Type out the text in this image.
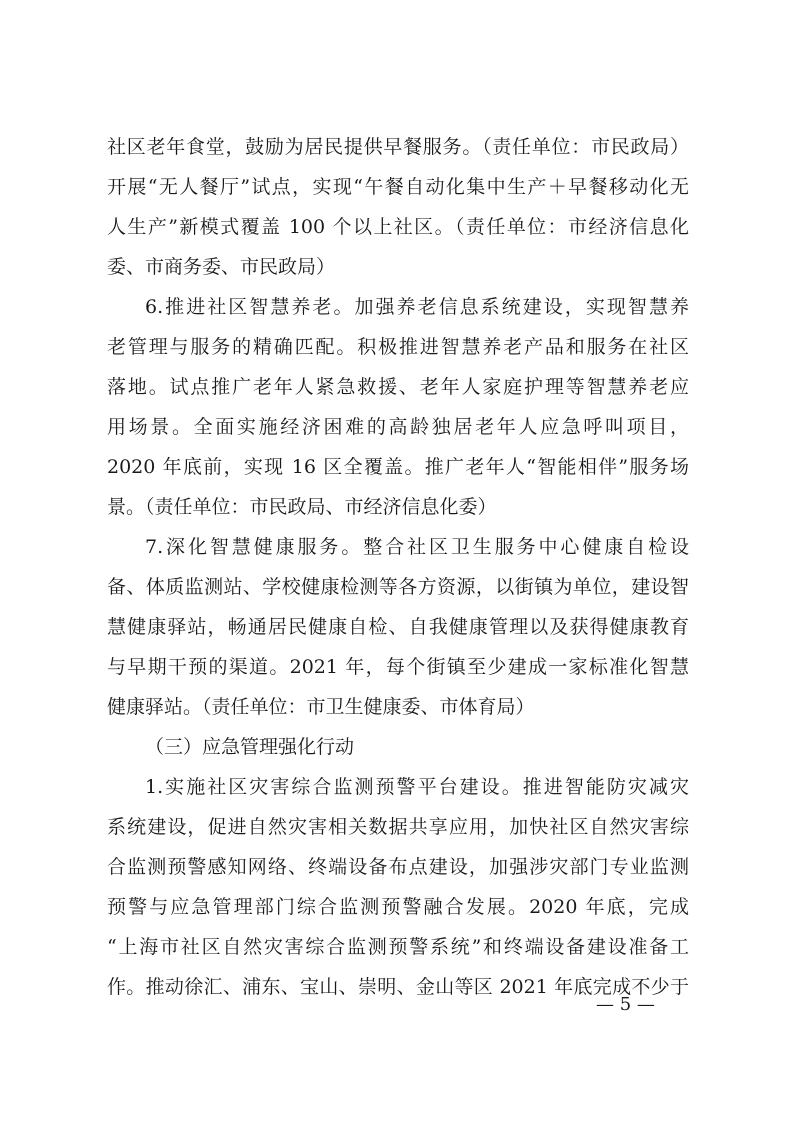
社区老年食堂，鼓励为居民提供早餐服务。（责任单位：市民政局）
开展“无人餐厅”试点，实现“午餐自动化集中生产＋早餐移动化无
人生产”新模式覆盖 100 个以上社区。（责任单位：市经济信息化
委、市商务委、市民政局）
6.推进社区智慧养老。加强养老信息系统建设，实现智慧养
老管理与服务的精确匹配。积极推进智慧养老产品和服务在社区
落地。试点推广老年人紧急救援、老年人家庭护理等智慧养老应
用场景。全面实施经济困难的高龄独居老年人应急呼叫项目，
2020 年底前，实现 16 区全覆盖。推广老年人“智能相伴”服务场
景。（责任单位：市民政局、市经济信息化委）
7.深化智慧健康服务。整合社区卫生服务中心健康自检设
备、体质监测站、学校健康检测等各方资源，以街镇为单位，建设智
慧健康驿站，畅通居民健康自检、自我健康管理以及获得健康教育
与早期干预的渠道。2021 年，每个街镇至少建成一家标准化智慧
健康驿站。（责任单位：市卫生健康委、市体育局）
（三）应急管理强化行动
1.实施社区灾害综合监测预警平台建设。推进智能防灾减灾
系统建设，促进自然灾害相关数据共享应用，加快社区自然灾害综
合监测预警感知网络、终端设备布点建设，加强涉灾部门专业监测
预警与应急管理部门综合监测预警融合发展。2020 年底，完成
“上海市社区自然灾害综合监测预警系统”和终端设备建设准备工
作。推动徐汇、浦东、宝山、崇明、金山等区 2021 年底完成不少于
— 5 —
